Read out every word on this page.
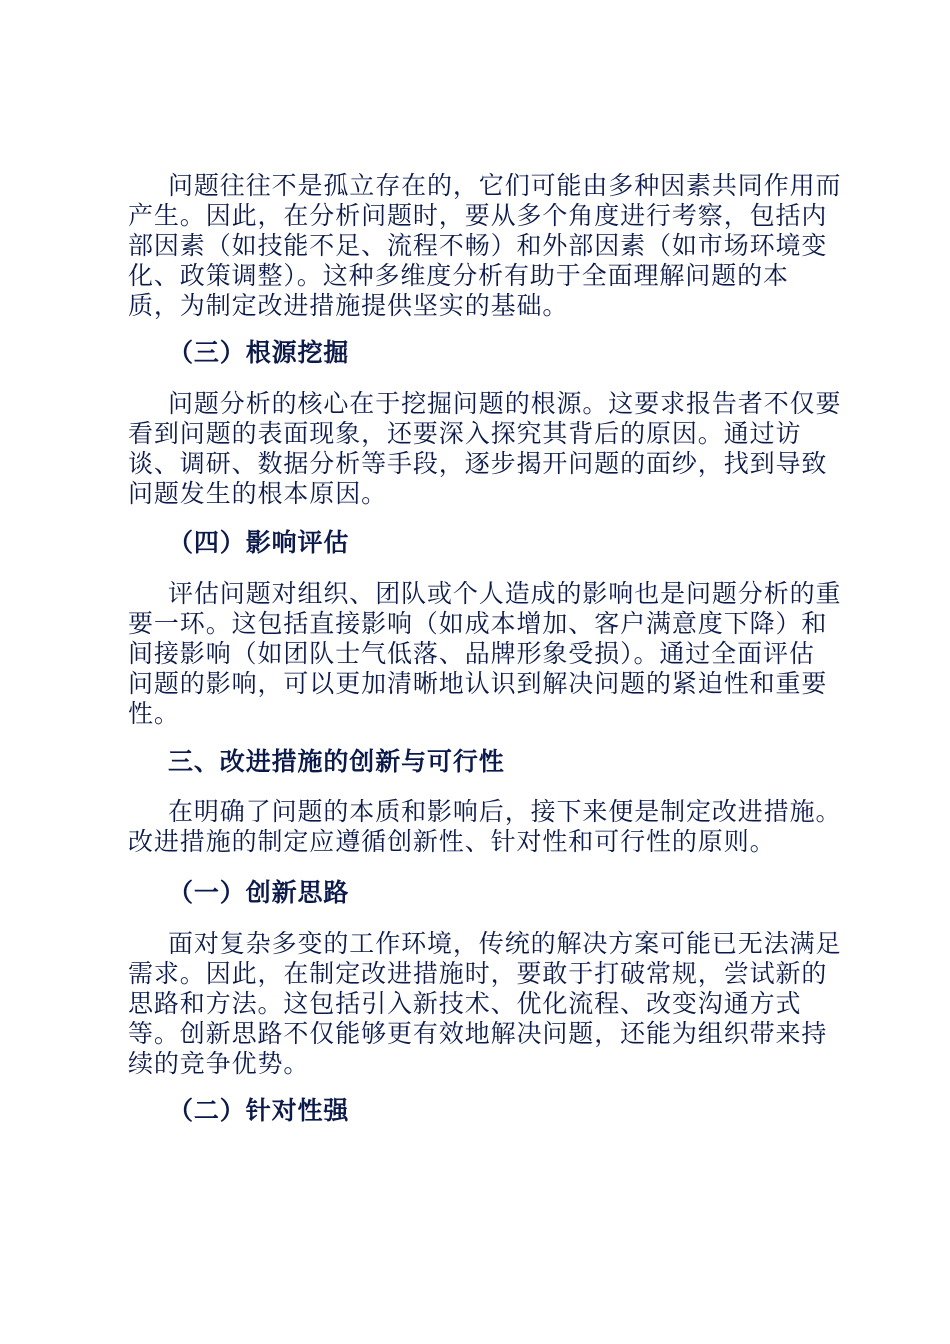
问题往往不是孤立存在的，它们可能由多种因素共同作用而
产生。因此，在分析问题时，要从多个角度进行考察，包括内
部因素（如技能不足、流程不畅）和外部因素（如市场环境变
化、政策调整）。这种多维度分析有助于全面理解问题的本
质，为制定改进措施提供坚实的基础。
（三）根源挖掘
问题分析的核心在于挖掘问题的根源。这要求报告者不仅要
看到问题的表面现象，还要深入探究其背后的原因。通过访
谈、调研、数据分析等手段，逐步揭开问题的面纱，找到导致
问题发生的根本原因。
（四）影响评估
评估问题对组织、团队或个人造成的影响也是问题分析的重
要一环。这包括直接影响（如成本增加、客户满意度下降）和
间接影响（如团队士气低落、品牌形象受损）。通过全面评估
问题的影响，可以更加清晰地认识到解决问题的紧迫性和重要
性。
三、改进措施的创新与可行性
在明确了问题的本质和影响后，接下来便是制定改进措施。
改进措施的制定应遵循创新性、针对性和可行性的原则。
（一）创新思路
面对复杂多变的工作环境，传统的解决方案可能已无法满足
需求。因此，在制定改进措施时，要敢于打破常规，尝试新的
思路和方法。这包括引入新技术、优化流程、改变沟通方式
等。创新思路不仅能够更有效地解决问题，还能为组织带来持
续的竞争优势。
（二）针对性强
